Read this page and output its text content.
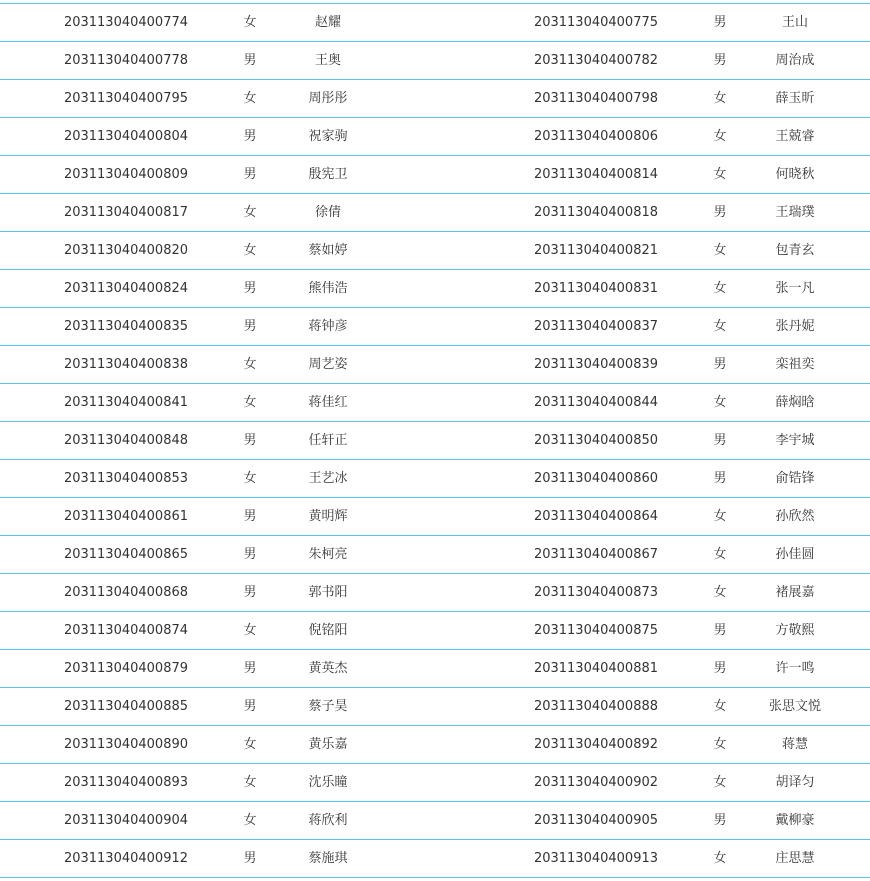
203113040400774	女	赵耀	203113040400775	男	王山
203113040400778	男	王奥	203113040400782	男	周治成
203113040400795	女	周彤彤	203113040400798	女	薛玉昕
203113040400804	男	祝家驹	203113040400806	女	王兢睿
203113040400809	男	殷宪卫	203113040400814	女	何晓秋
203113040400817	女	徐倩	203113040400818	男	王瑞璞
203113040400820	女	蔡如婷	203113040400821	女	包青玄
203113040400824	男	熊伟浩	203113040400831	女	张一凡
203113040400835	男	蒋钟彦	203113040400837	女	张丹妮
203113040400838	女	周艺姿	203113040400839	男	栾祖奕
203113040400841	女	蒋佳红	203113040400844	女	薛焖晗
203113040400848	男	任轩正	203113040400850	男	李宇城
203113040400853	女	王艺冰	203113040400860	男	俞锆锋
203113040400861	男	黄明辉	203113040400864	女	孙欣然
203113040400865	男	朱柯亮	203113040400867	女	孙佳圆
203113040400868	男	郭书阳	203113040400873	女	褚展嘉
203113040400874	女	倪铭阳	203113040400875	男	方敬熙
203113040400879	男	黄英杰	203113040400881	男	许一鸣
203113040400885	男	蔡子昊	203113040400888	女	张思文悦
203113040400890	女	黄乐嘉	203113040400892	女	蒋慧
203113040400893	女	沈乐瞳	203113040400902	女	胡译匀
203113040400904	女	蒋欣利	203113040400905	男	戴柳豪
203113040400912	男	蔡施琪	203113040400913	女	庄思慧
